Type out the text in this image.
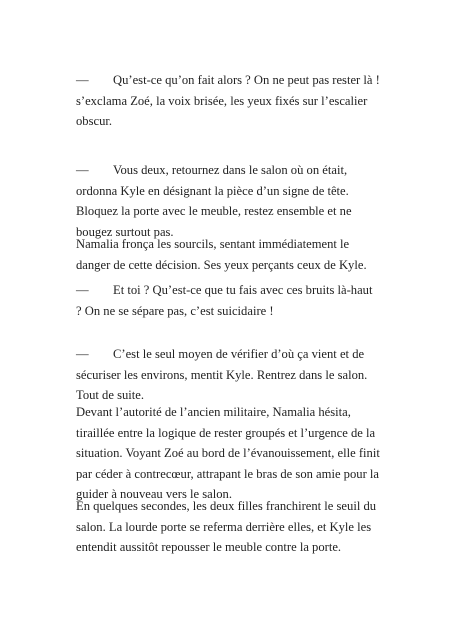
— Qu’est-ce qu’on fait alors ? On ne peut pas rester là ! s’exclama Zoé, la voix brisée, les yeux fixés sur l’escalier obscur.

— Vous deux, retournez dans le salon où on était, ordonna Kyle en désignant la pièce d’un signe de tête. Bloquez la porte avec le meuble, restez ensemble et ne bougez surtout pas.

Namalia fronça les sourcils, sentant immédiatement le danger de cette décision. Ses yeux perçants ceux de Kyle.

— Et toi ? Qu’est-ce que tu fais avec ces bruits là-haut ? On ne se sépare pas, c’est suicidaire !

— C’est le seul moyen de vérifier d’où ça vient et de sécuriser les environs, mentit Kyle. Rentrez dans le salon. Tout de suite.

Devant l’autorité de l’ancien militaire, Namalia hésita, tiraillée entre la logique de rester groupés et l’urgence de la situation. Voyant Zoé au bord de l’évanouissement, elle finit par céder à contrecœur, attrapant le bras de son amie pour la guider à nouveau vers le salon.

En quelques secondes, les deux filles franchirent le seuil du salon. La lourde porte se referma derrière elles, et Kyle les entendit aussitôt repousser le meuble contre la porte.
